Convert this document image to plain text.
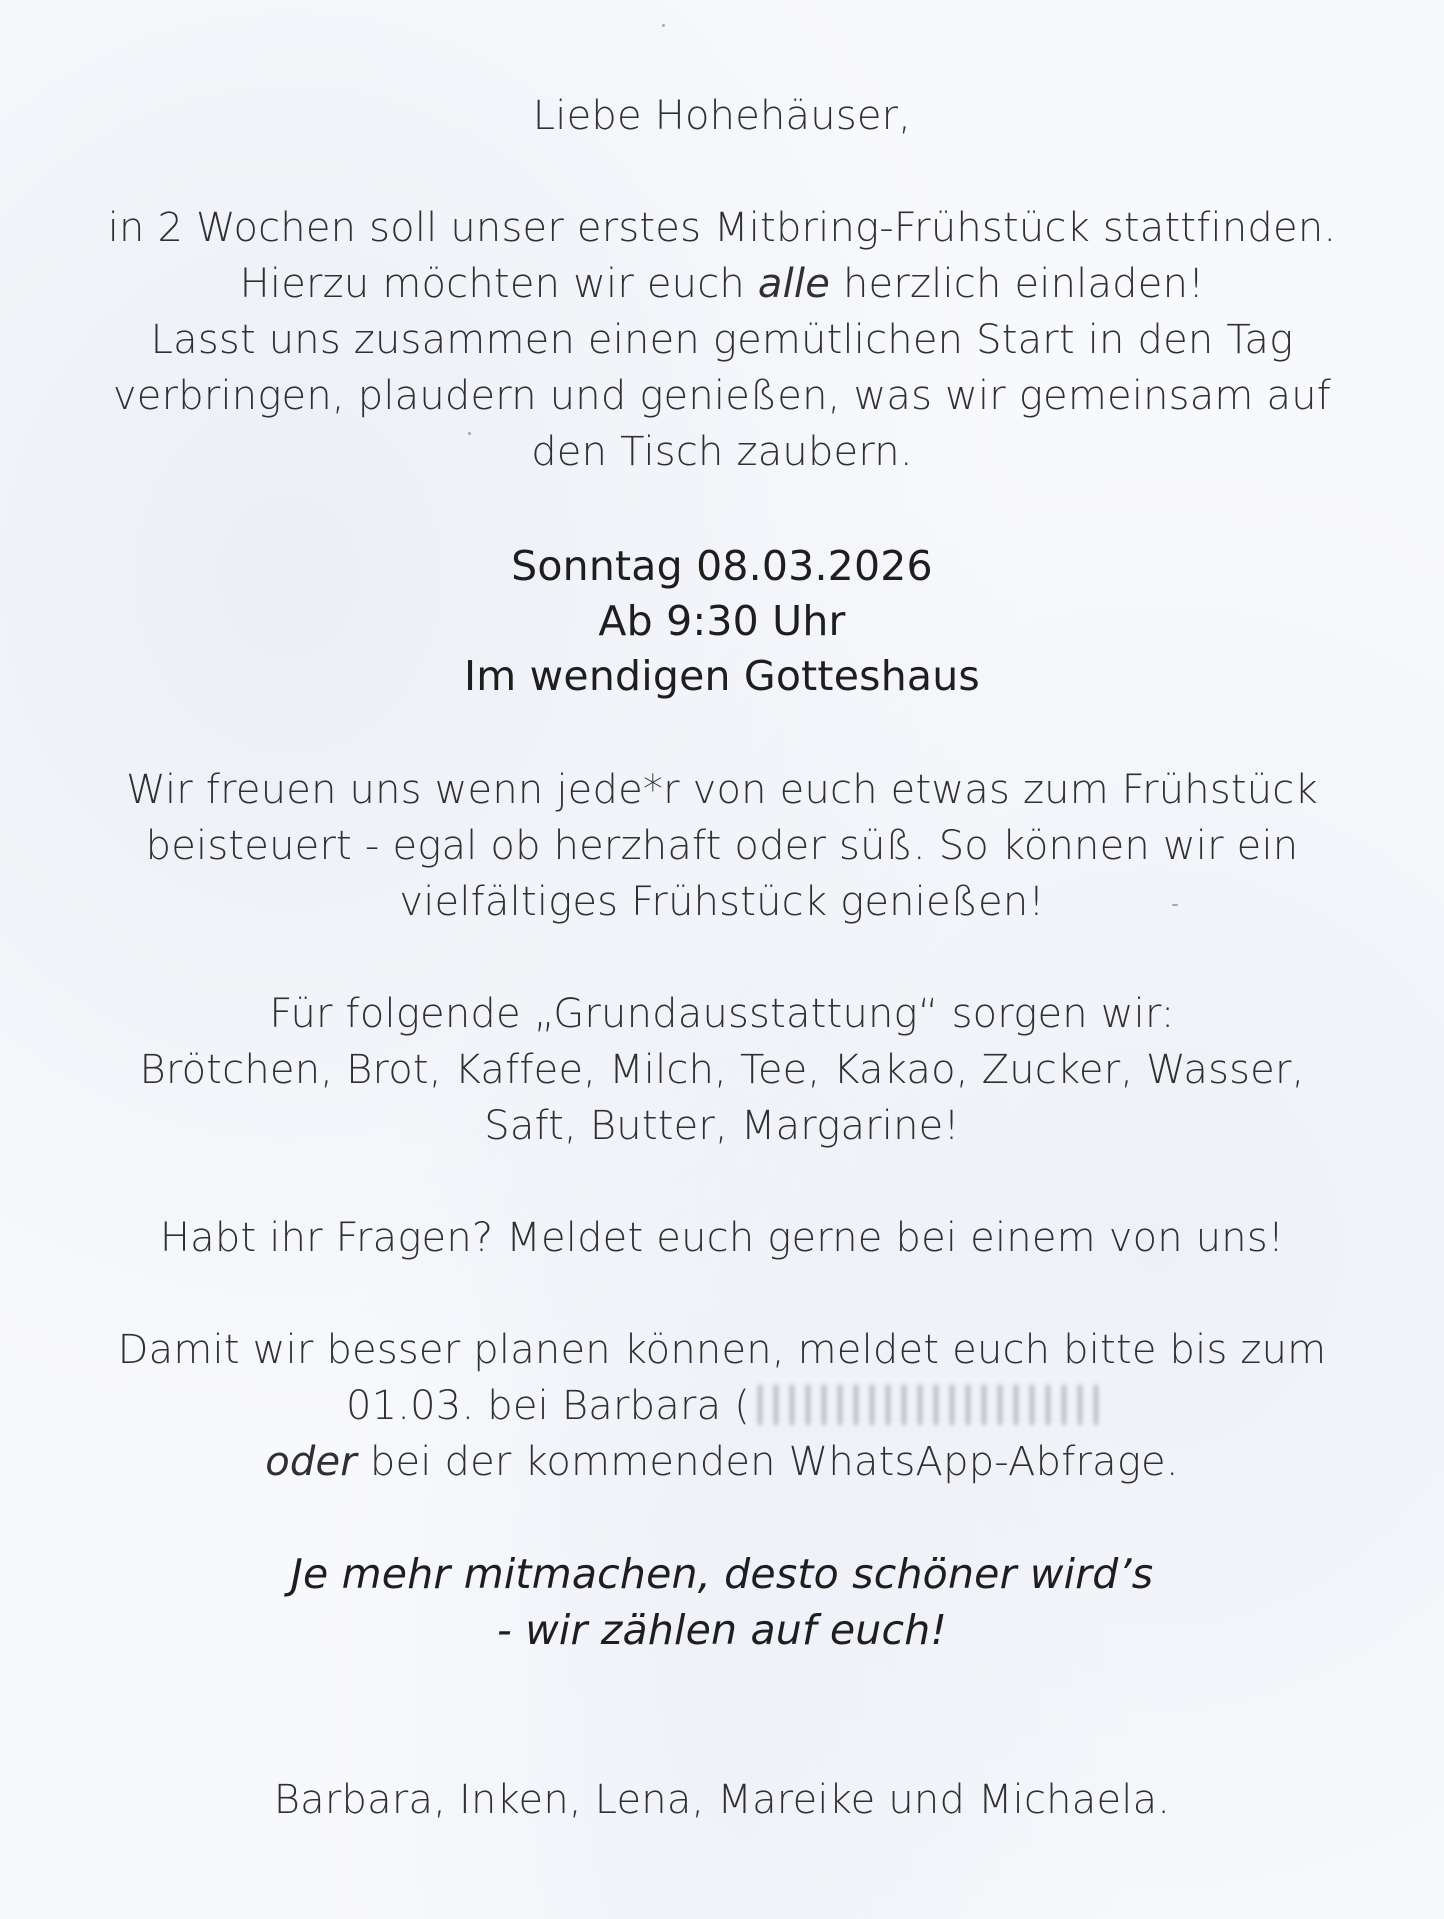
Liebe Hohehäuser,
in 2 Wochen soll unser erstes Mitbring-Frühstück stattfinden.
Hierzu möchten wir euch alle herzlich einladen!
Lasst uns zusammen einen gemütlichen Start in den Tag
verbringen, plaudern und genießen, was wir gemeinsam auf
den Tisch zaubern.
Sonntag 08.03.2026
Ab 9:30 Uhr
Im wendigen Gotteshaus
Wir freuen uns wenn jede*r von euch etwas zum Frühstück
beisteuert - egal ob herzhaft oder süß. So können wir ein
vielfältiges Frühstück genießen!
Für folgende „Grundausstattung“ sorgen wir:
Brötchen, Brot, Kaffee, Milch, Tee, Kakao, Zucker, Wasser,
Saft, Butter, Margarine!
Habt ihr Fragen? Meldet euch gerne bei einem von uns!
Damit wir besser planen können, meldet euch bitte bis zum
01.03. bei Barbara (
oder bei der kommenden WhatsApp-Abfrage.
Je mehr mitmachen, desto schöner wird’s
- wir zählen auf euch!
Barbara, Inken, Lena, Mareike und Michaela.
